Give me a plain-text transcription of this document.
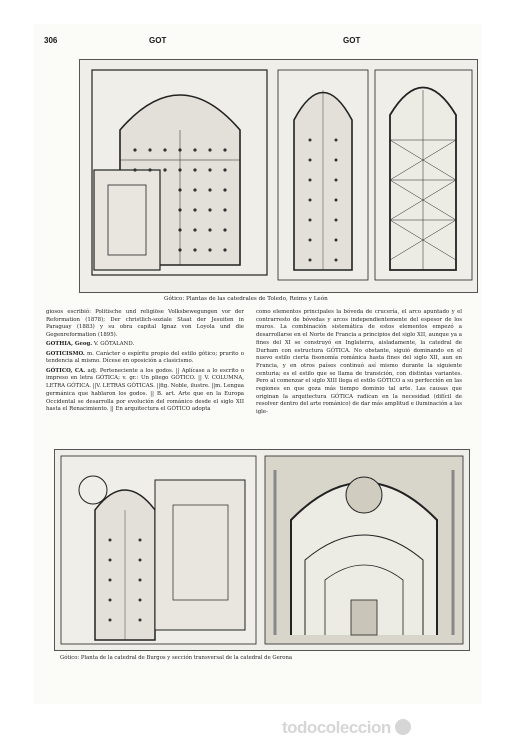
306	GOT	GOT
Gótico: Plantas de las catedrales de Toledo, Reims y León

giosos escribió: Politische und religiöse Volksbewegungen vor der Reformation (1878); Der christlich-soziale Staat der Jesuiten in Paraguay (1883) y su obra capital Ignaz von Loyola und die Gegenreformation (1895).

GOTHIA, Geog. V. GÖTALAND.

GOTICISMO. m. Carácter o espíritu propio del estilo gótico; prurito o tendencia al mismo. Dícese en oposición a clasicismo.

GÓTICO, CA. adj. Perteneciente a los godos. || Aplícase a lo escrito o impreso en letra GÓTICA; v. gr.: Un pliego GÓTICO. || V. COLUMNA, LETRA GÓTICA. ||V. LETRAS GÓTICAS. ||fig. Noble, ilustre. ||m. Lengua germánica que hablaron los godos. || B. art. Arte que en la Europa Occidental se desarrolla por evolución del románico desde el siglo XII hasta el Renacimiento. || En arquitectura el GÓTICO adopta

como elementos principales la bóveda de crucería, el arco apuntado y el contrarresto de bóvedas y arcos independientemente del espesor de los muros. La combinación sistemática de estos elementos empezó a desarrollarse en el Norte de Francia a principios del siglo XII, aunque ya a fines del XI se construyó en Inglaterra, aisladamente, la catedral de Durham con estructura GÓTICA. No obstante, siguió dominando en el nuevo estilo cierta fisonomía románica hasta fines del siglo XII, aun en Francia, y en otros países continuó así mismo durante la siguiente centuria; es el estilo que se llama de transición, con distintas variantes. Pero al comenzar el siglo XIII llega el estilo GÓTICO a su perfección en las regiones en que goza más tiempo dominio tal arte. Las causas que originan la arquitectura GÓTICA radican en la necesidad (difícil de resolver dentro del arte románico) de dar más amplitud e iluminación a las igle-

Gótico: Planta de la catedral de Burgos y sección transversal de la catedral de Gerona
todocoleccion
